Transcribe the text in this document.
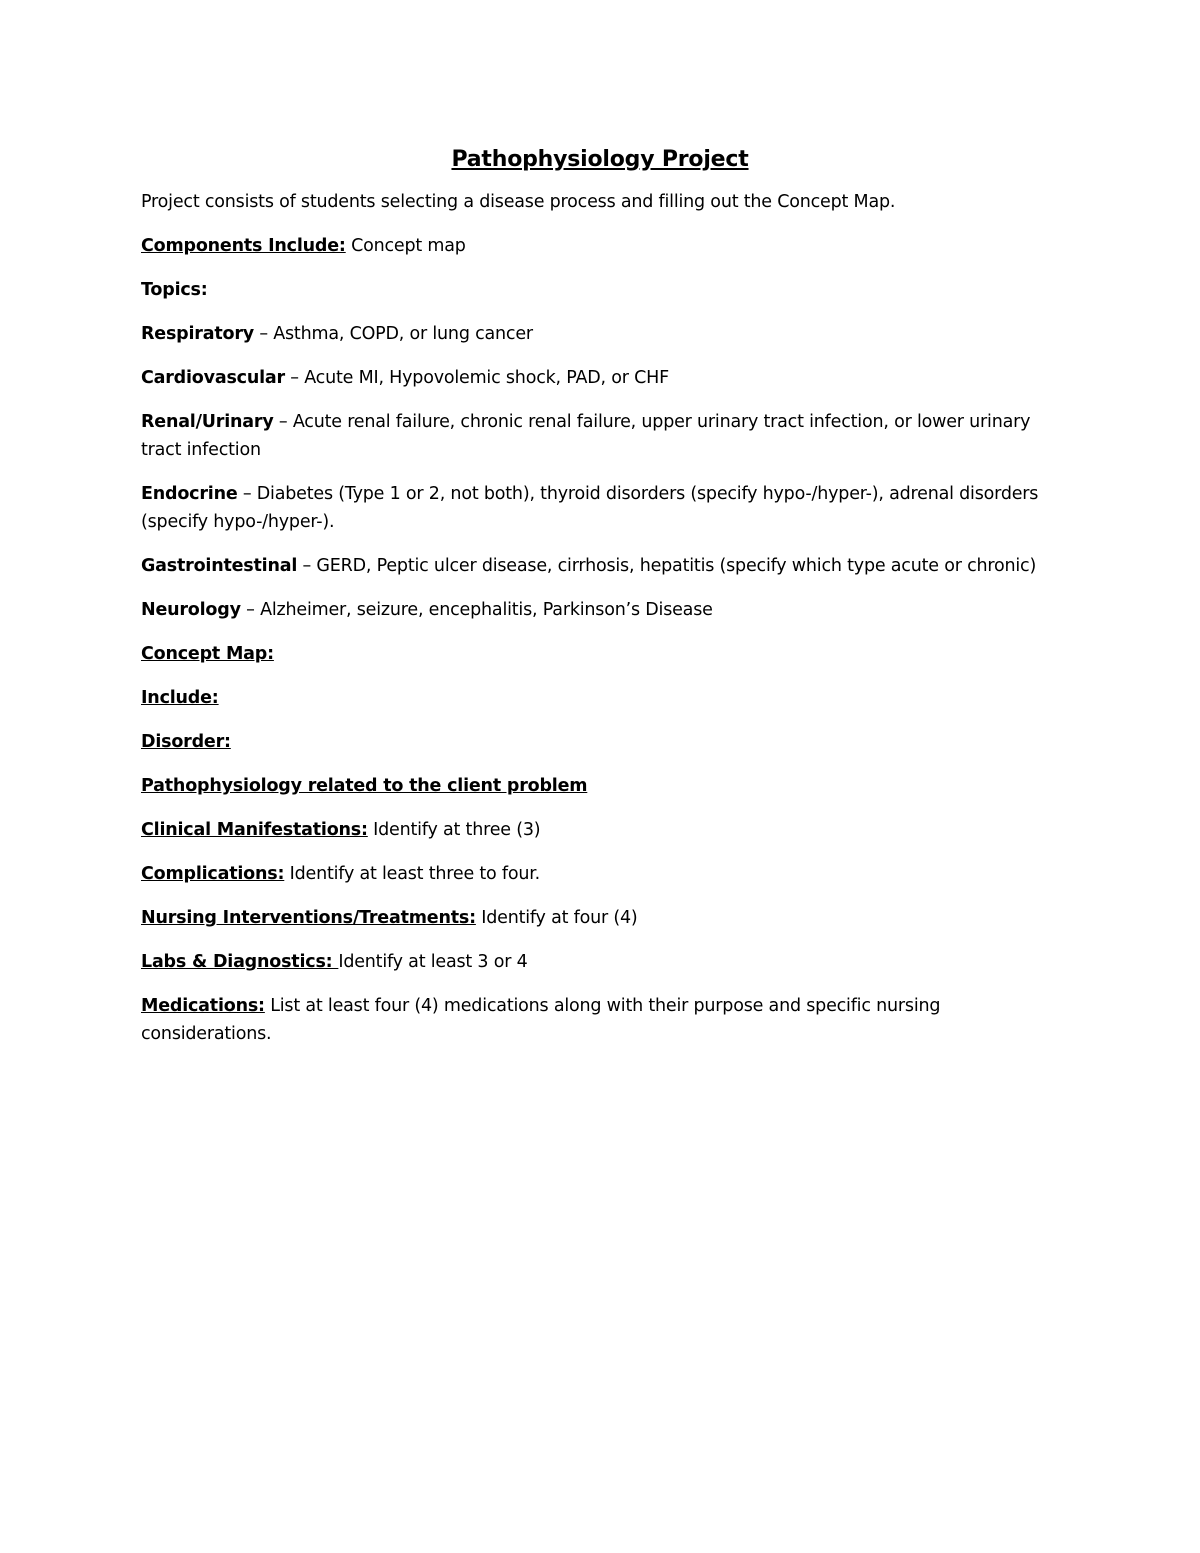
Pathophysiology Project

Project consists of students selecting a disease process and filling out the Concept Map.

Components Include: Concept map

Topics:

Respiratory – Asthma, COPD, or lung cancer

Cardiovascular – Acute MI, Hypovolemic shock, PAD, or CHF

Renal/Urinary – Acute renal failure, chronic renal failure, upper urinary tract infection, or lower urinary tract infection

Endocrine – Diabetes (Type 1 or 2, not both), thyroid disorders (specify hypo-/hyper-), adrenal disorders (specify hypo-/hyper-).

Gastrointestinal – GERD, Peptic ulcer disease, cirrhosis, hepatitis (specify which type acute or chronic)

Neurology – Alzheimer, seizure, encephalitis, Parkinson’s Disease

Concept Map:

Include:

Disorder:

Pathophysiology related to the client problem

Clinical Manifestations: Identify at three (3)

Complications: Identify at least three to four.

Nursing Interventions/Treatments: Identify at four (4)

Labs & Diagnostics: Identify at least 3 or 4

Medications: List at least four (4) medications along with their purpose and specific nursing considerations.
